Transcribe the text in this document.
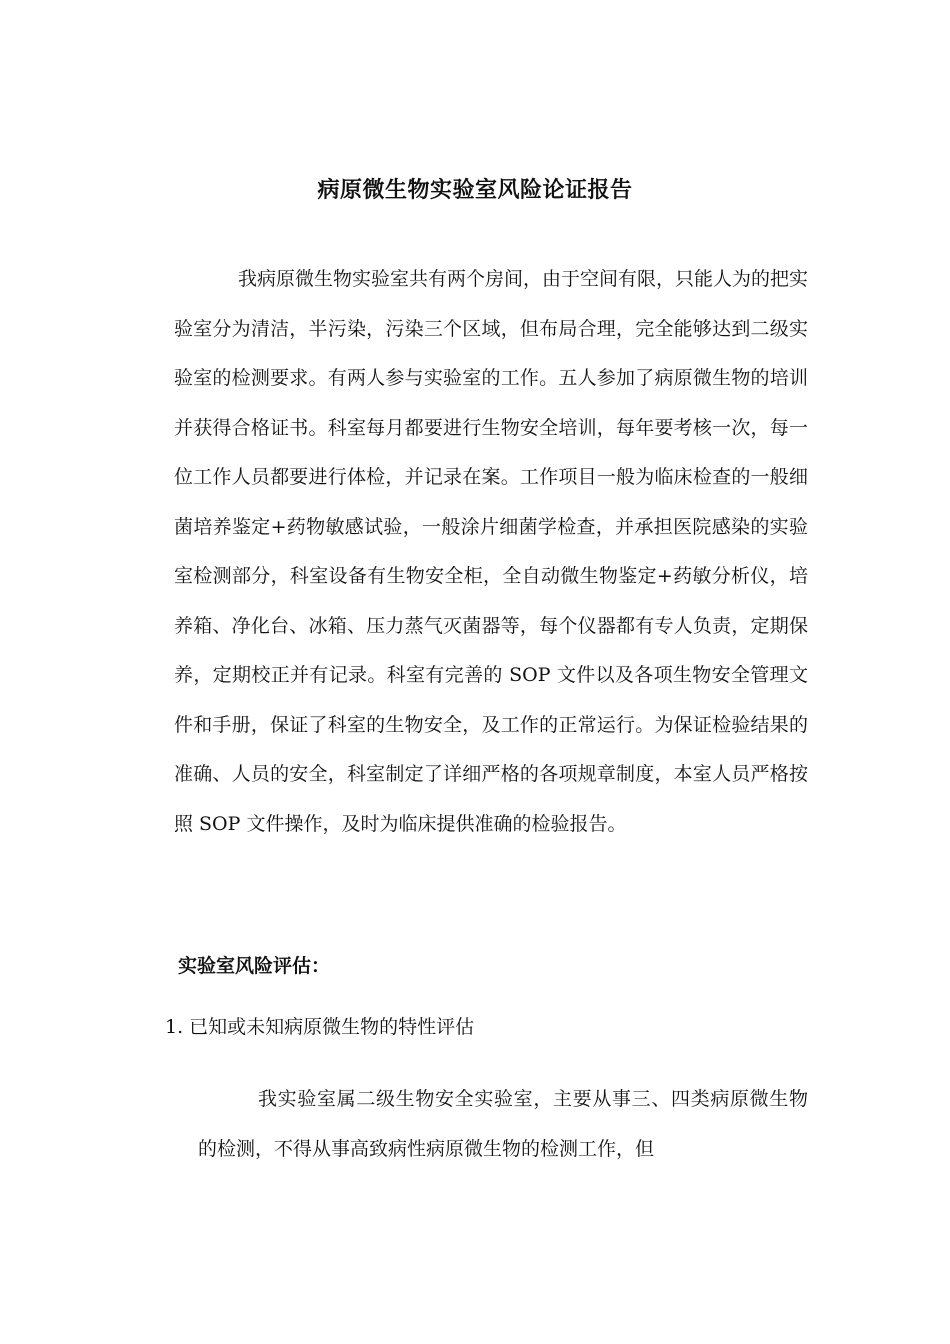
病原微生物实验室风险论证报告

我病原微生物实验室共有两个房间，由于空间有限，只能人为的把实验室分为清洁，半污染，污染三个区域，但布局合理，完全能够达到二级实验室的检测要求。有两人参与实验室的工作。五人参加了病原微生物的培训并获得合格证书。科室每月都要进行生物安全培训，每年要考核一次，每一位工作人员都要进行体检，并记录在案。工作项目一般为临床检查的一般细菌培养鉴定+药物敏感试验，一般涂片细菌学检查，并承担医院感染的实验室检测部分，科室设备有生物安全柜，全自动微生物鉴定+药敏分析仪，培养箱、净化台、冰箱、压力蒸气灭菌器等，每个仪器都有专人负责，定期保养，定期校正并有记录。科室有完善的 SOP 文件以及各项生物安全管理文件和手册，保证了科室的生物安全，及工作的正常运行。为保证检验结果的准确、人员的安全，科室制定了详细严格的各项规章制度，本室人员严格按照 SOP 文件操作，及时为临床提供准确的检验报告。

实验室风险评估：

1. 已知或未知病原微生物的特性评估

我实验室属二级生物安全实验室，主要从事三、四类病原微生物的检测，不得从事高致病性病原微生物的检测工作，但
